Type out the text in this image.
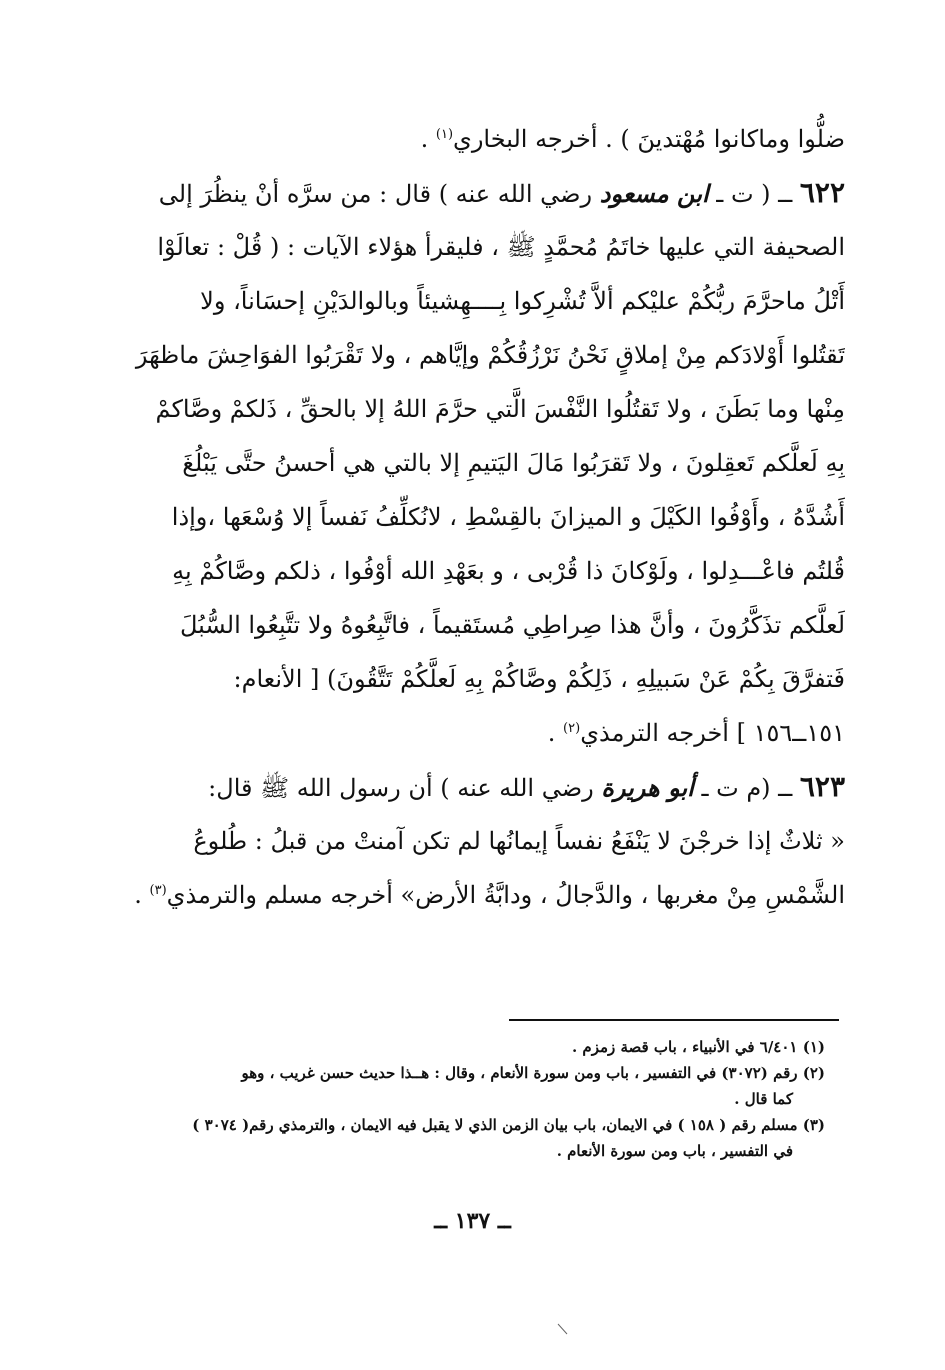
ضلُّوا وماكانوا مُهْتدينَ ) . أخرجه البخاري$^{(١)}$ .
٦٢٢ ــ ( ت ـ ابن مسعود رضي الله عنه ) قال : من سرَّه أنْ ينظُرَ إلى
الصحيفة التي عليها خاتَمُ مُحمَّدٍ ﷺ ، فليقرأ هؤلاء الآيات : ( قُلْ : تعالَوْا
أَتْلُ ماحرَّمَ ربُّكُمْ عليْكم ألاَّ تُشْرِكوا بِــــهِشيئاً وبالوالدَيْنِ إحسَاناً، ولا
تَقتُلوا أَوْلادَكم مِنْ إملاقٍ نَحْنُ نَرْزُقُكُمْ وإيَّاهم ، ولا تَقْرَبُوا الفوَاحِشَ ماظهَرَ
مِنْها وما بَطَنَ ، ولا تَقتُلُوا النَّفْسَ الَّتي حرَّمَ اللهُ إلا بالحقِّ ، ذَلكمْ وصَّاكمْ
بِهِ لَعلَّكم تَعقِلونَ ، ولا تَقرَبُوا مَالَ اليَتيمِ إلا بالتي هي أحسنُ حتَّى يَبْلُغَ
أَشُدَّهُ ، وأَوْفُوا الكَيْلَ و الميزانَ بالقِسْطِ ، لانُكلِّفُ نَفساً إلا وُسْعَها ،وإذا
قُلتُم فاعْـــدِلوا ، ولَوْكانَ ذا قُرْبى ، و بعَهْدِ الله أوْفُوا ، ذلكم وصَّاكُمْ بِهِ
لَعلَّكم تذَكَّرُونَ ، وأنَّ هذا صِراطِي مُستَقيماً ، فاتَّبِعُوهُ ولا تتَّبِعُوا السُّبُلَ
فَتفرَّقَ بِكُمْ عَنْ سَبيلِهِ ، ذَلِكُمْ وصَّاكُمْ بِهِ لَعلَّكُمْ تَتَّقُونَ) [ الأنعام:
١٥١ــ١٥٦ ] أخرجه الترمذي$^{(٢)}$ .
٦٢٣ ــ (م ت ـ أبو هريرة رضي الله عنه ) أن رسول الله ﷺ قال:
« ثلاثٌ إذا خرجْنَ لا يَنْفَعُ نفساً إيمانُها لم تكن آمنتْ من قبلُ : طُلوعُ
الشَّمْسِ مِنْ مغربها ، والدَّجالُ ، ودابَّةُ الأرض» أخرجه مسلم والترمذي$^{(٣)}$ .
(١) ٦/٤٠١ في الأنبياء ، باب قصة زمزم .
(٢) رقم (٣٠٧٢) في التفسير ، باب ومن سورة الأنعام ، وقال : هــذا حديث حسن غريب ، وهو
كما قال .
(٣) مسلم رقم ( ١٥٨ ) في الايمان، باب بيان الزمن الذي لا يقبل فيه الايمان ، والترمذي رقم( ٣٠٧٤ )
في التفسير ، باب ومن سورة الأنعام .
ــ ١٣٧ ــ
